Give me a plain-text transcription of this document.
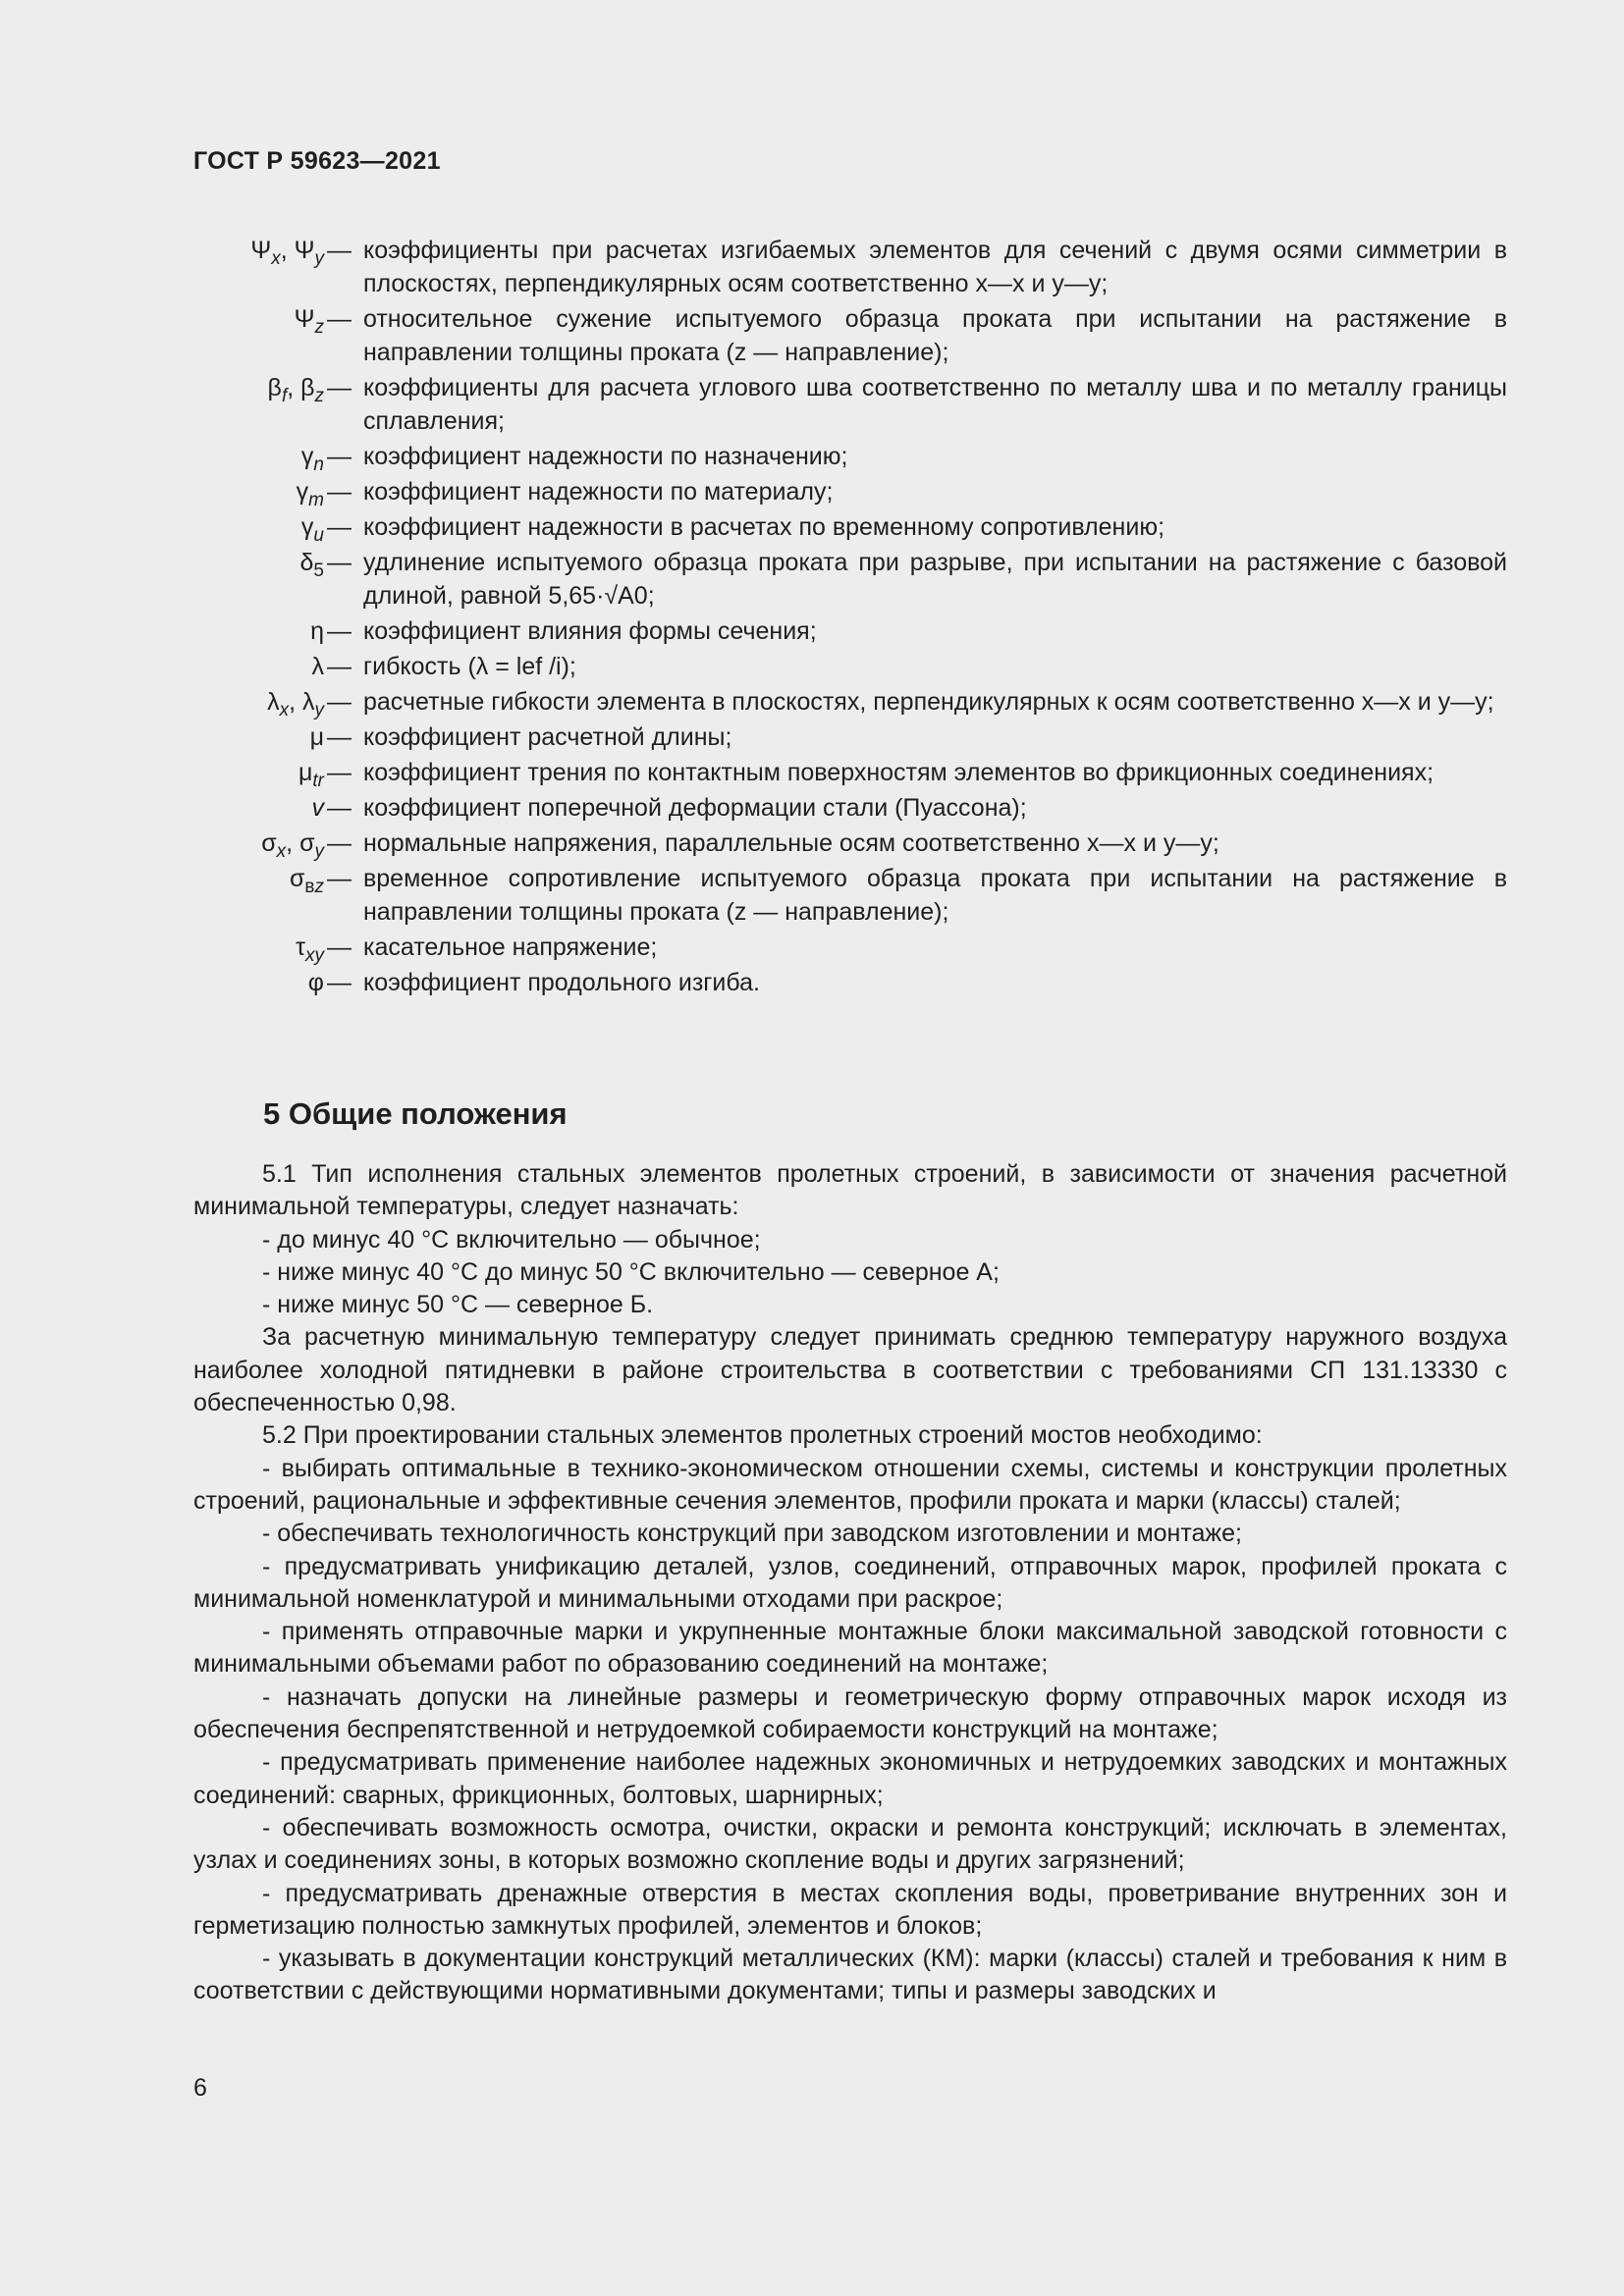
ГОСТ Р 59623—2021
$\Psi_x$, $\Psi_y$ — коэффициенты при расчетах изгибаемых элементов для сечений с двумя осями симметрии в плоскостях, перпендикулярных осям соответственно x—x и y—y;
$\Psi_z$ — относительное сужение испытуемого образца проката при испытании на растяжение в направлении толщины проката (z — направление);
$\beta_f$, $\beta_z$ — коэффициенты для расчета углового шва соответственно по металлу шва и по металлу границы сплавления;
$\gamma_n$ — коэффициент надежности по назначению;
$\gamma_m$ — коэффициент надежности по материалу;
$\gamma_u$ — коэффициент надежности в расчетах по временному сопротивлению;
$\delta_5$ — удлинение испытуемого образца проката при разрыве, при испытании на растяжение с базовой длиной, равной 5,65·√A0;
η — коэффициент влияния формы сечения;
λ — гибкость (λ = lef /i);
$\lambda_x$, $\lambda_y$ — расчетные гибкости элемента в плоскостях, перпендикулярных к осям соответственно x—x и y—y;
μ — коэффициент расчетной длины;
$\mu_{tr}$ — коэффициент трения по контактным поверхностям элементов во фрикционных соединениях;
v — коэффициент поперечной деформации стали (Пуассона);
$\sigma_x$, $\sigma_y$ — нормальные напряжения, параллельные осям соответственно x—x и y—y;
$\sigma_{вz}$ — временное сопротивление испытуемого образца проката при испытании на растяжение в направлении толщины проката (z — направление);
$\tau_{xy}$ — касательное напряжение;
φ — коэффициент продольного изгиба.
5 Общие положения

5.1 Тип исполнения стальных элементов пролетных строений, в зависимости от значения расчетной минимальной температуры, следует назначать:

- до минус 40 °С включительно — обычное;

- ниже минус 40 °С до минус 50 °С включительно — северное А;

- ниже минус 50 °С — северное Б.

За расчетную минимальную температуру следует принимать среднюю температуру наружного воздуха наиболее холодной пятидневки в районе строительства в соответствии с требованиями СП 131.13330 с обеспеченностью 0,98.

5.2 При проектировании стальных элементов пролетных строений мостов необходимо:

- выбирать оптимальные в технико-экономическом отношении схемы, системы и конструкции пролетных строений, рациональные и эффективные сечения элементов, профили проката и марки (классы) сталей;

- обеспечивать технологичность конструкций при заводском изготовлении и монтаже;

- предусматривать унификацию деталей, узлов, соединений, отправочных марок, профилей проката с минимальной номенклатурой и минимальными отходами при раскрое;

- применять отправочные марки и укрупненные монтажные блоки максимальной заводской готовности с минимальными объемами работ по образованию соединений на монтаже;

- назначать допуски на линейные размеры и геометрическую форму отправочных марок исходя из обеспечения беспрепятственной и нетрудоемкой собираемости конструкций на монтаже;

- предусматривать применение наиболее надежных экономичных и нетрудоемких заводских и монтажных соединений: сварных, фрикционных, болтовых, шарнирных;

- обеспечивать возможность осмотра, очистки, окраски и ремонта конструкций; исключать в элементах, узлах и соединениях зоны, в которых возможно скопление воды и других загрязнений;

- предусматривать дренажные отверстия в местах скопления воды, проветривание внутренних зон и герметизацию полностью замкнутых профилей, элементов и блоков;

- указывать в документации конструкций металлических (КМ): марки (классы) сталей и требования к ним в соответствии с действующими нормативными документами; типы и размеры заводских и

6
